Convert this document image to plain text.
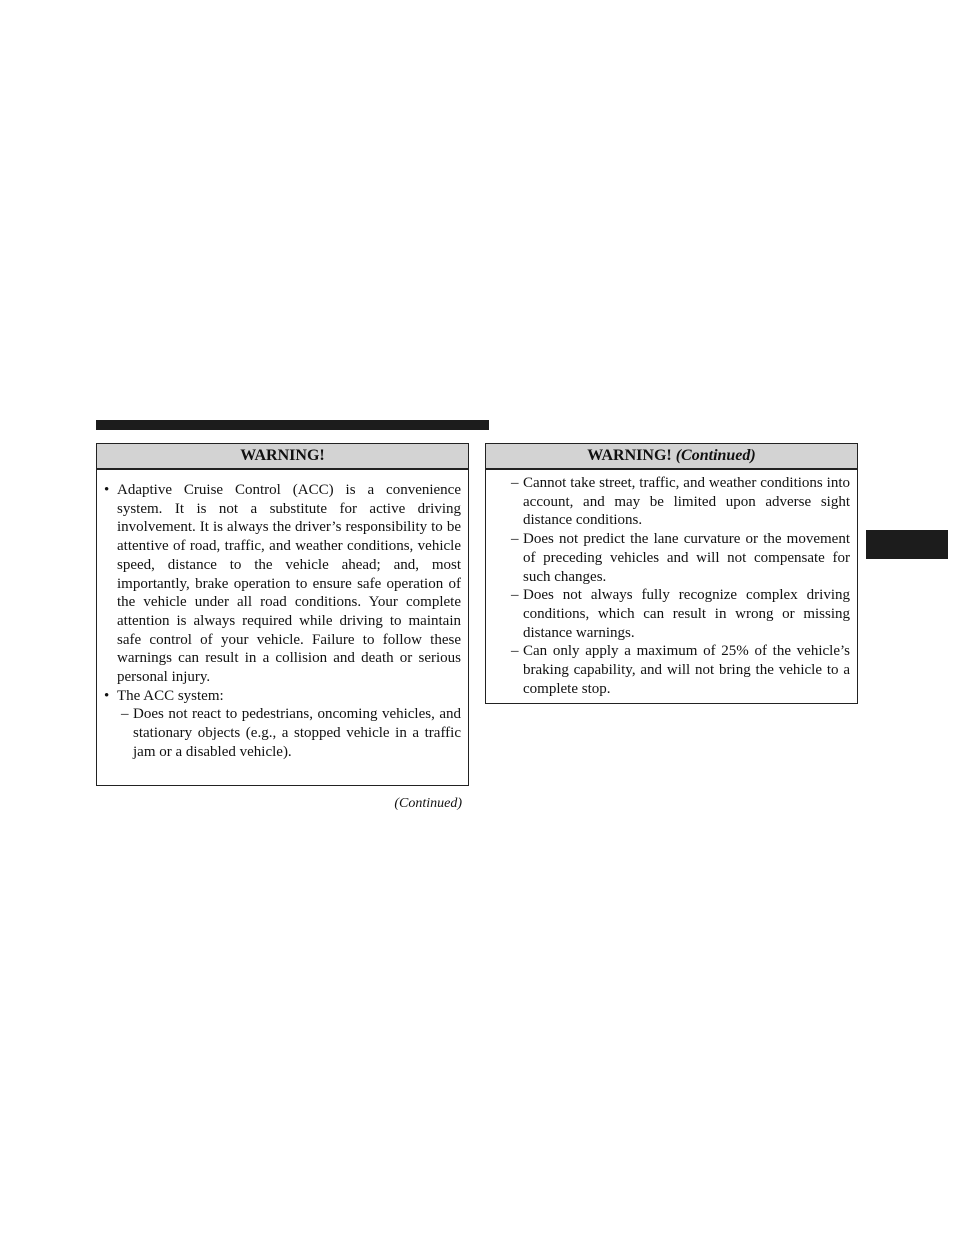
WARNING!
• Adaptive Cruise Control (ACC) is a convenience system. It is not a substitute for active driving involvement. It is always the driver’s responsibility to be attentive of road, traffic, and weather conditions, vehicle speed, distance to the vehicle ahead; and, most importantly, brake operation to ensure safe operation of the vehicle under all road conditions. Your complete attention is always required while driving to maintain safe control of your vehicle. Failure to follow these warnings can result in a collision and death or serious personal injury.
• The ACC system:
– Does not react to pedestrians, oncoming vehicles, and stationary objects (e.g., a stopped vehicle in a traffic jam or a disabled vehicle).
(Continued)
WARNING! (Continued)
– Cannot take street, traffic, and weather conditions into account, and may be limited upon adverse sight distance conditions.
– Does not predict the lane curvature or the movement of preceding vehicles and will not compensate for such changes.
– Does not always fully recognize complex driving conditions, which can result in wrong or missing distance warnings.
– Can only apply a maximum of 25% of the vehicle’s braking capability, and will not bring the vehicle to a complete stop.
